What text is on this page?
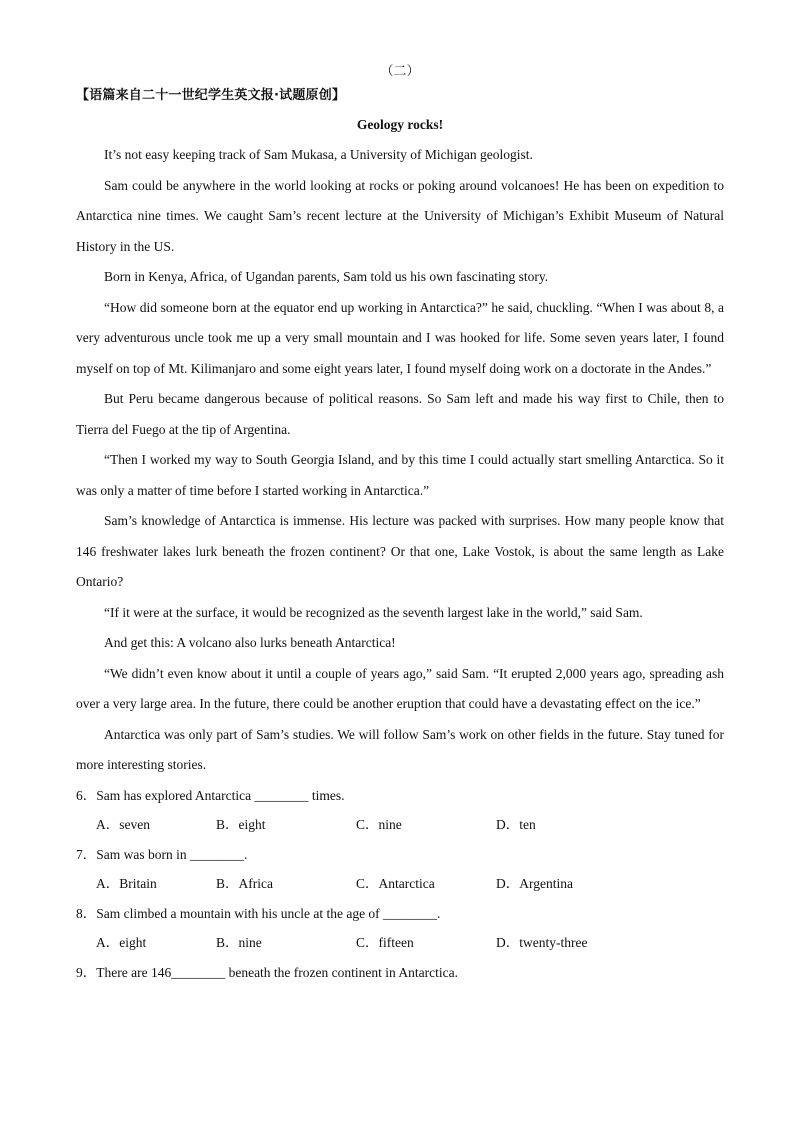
（二）
【语篇来自二十一世纪学生英文报·试题原创】
Geology rocks!

It’s not easy keeping track of Sam Mukasa, a University of Michigan geologist.

Sam could be anywhere in the world looking at rocks or poking around volcanoes! He has been on expedition to Antarctica nine times. We caught Sam’s recent lecture at the University of Michigan’s Exhibit Museum of Natural History in the US.

Born in Kenya, Africa, of Ugandan parents, Sam told us his own fascinating story.

“How did someone born at the equator end up working in Antarctica?” he said, chuckling. “When I was about 8, a very adventurous uncle took me up a very small mountain and I was hooked for life. Some seven years later, I found myself on top of Mt. Kilimanjaro and some eight years later, I found myself doing work on a doctorate in the Andes.”

But Peru became dangerous because of political reasons. So Sam left and made his way first to Chile, then to Tierra del Fuego at the tip of Argentina.

“Then I worked my way to South Georgia Island, and by this time I could actually start smelling Antarctica. So it was only a matter of time before I started working in Antarctica.”

Sam’s knowledge of Antarctica is immense. His lecture was packed with surprises. How many people know that 146 freshwater lakes lurk beneath the frozen continent? Or that one, Lake Vostok, is about the same length as Lake Ontario?

“If it were at the surface, it would be recognized as the seventh largest lake in the world,” said Sam.

And get this: A volcano also lurks beneath Antarctica!

“We didn’t even know about it until a couple of years ago,” said Sam. “It erupted 2,000 years ago, spreading ash over a very large area. In the future, there could be another eruption that could have a devastating effect on the ice.”

Antarctica was only part of Sam’s studies. We will follow Sam’s work on other fields in the future. Stay tuned for more interesting stories.

6．Sam has explored Antarctica ________ times.
A．seven	B．eight	C．nine	D．ten
7．Sam was born in ________.
A．Britain	B．Africa	C．Antarctica	D．Argentina
8．Sam climbed a mountain with his uncle at the age of ________.
A．eight	B．nine	C．fifteen	D．twenty-three
9．There are 146________ beneath the frozen continent in Antarctica.
